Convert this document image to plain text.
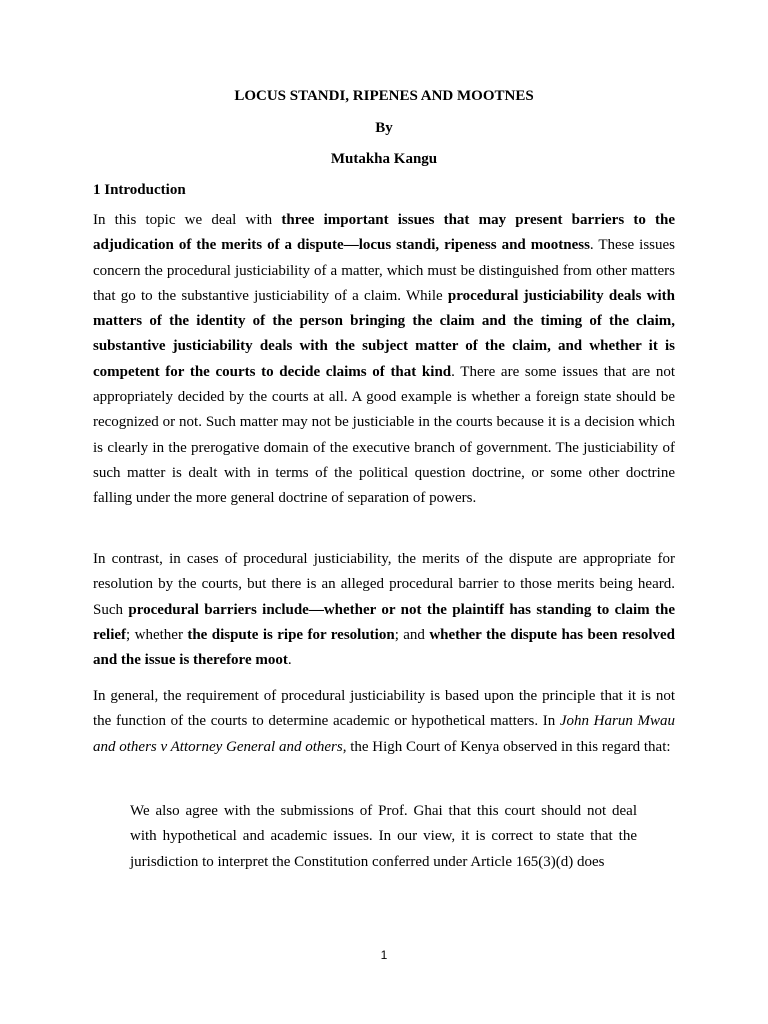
LOCUS STANDI, RIPENES AND MOOTNES
By
Mutakha Kangu
1 Introduction
In this topic we deal with three important issues that may present barriers to the adjudication of the merits of a dispute—locus standi, ripeness and mootness. These issues concern the procedural justiciability of a matter, which must be distinguished from other matters that go to the substantive justiciability of a claim. While procedural justiciability deals with matters of the identity of the person bringing the claim and the timing of the claim, substantive justiciability deals with the subject matter of the claim, and whether it is competent for the courts to decide claims of that kind. There are some issues that are not appropriately decided by the courts at all. A good example is whether a foreign state should be recognized or not. Such matter may not be justiciable in the courts because it is a decision which is clearly in the prerogative domain of the executive branch of government. The justiciability of such matter is dealt with in terms of the political question doctrine, or some other doctrine falling under the more general doctrine of separation of powers.
In contrast, in cases of procedural justiciability, the merits of the dispute are appropriate for resolution by the courts, but there is an alleged procedural barrier to those merits being heard. Such procedural barriers include—whether or not the plaintiff has standing to claim the relief; whether the dispute is ripe for resolution; and whether the dispute has been resolved and the issue is therefore moot.
In general, the requirement of procedural justiciability is based upon the principle that it is not the function of the courts to determine academic or hypothetical matters. In John Harun Mwau and others v Attorney General and others, the High Court of Kenya observed in this regard that:
We also agree with the submissions of Prof. Ghai that this court should not deal with hypothetical and academic issues. In our view, it is correct to state that the jurisdiction to interpret the Constitution conferred under Article 165(3)(d) does
1
